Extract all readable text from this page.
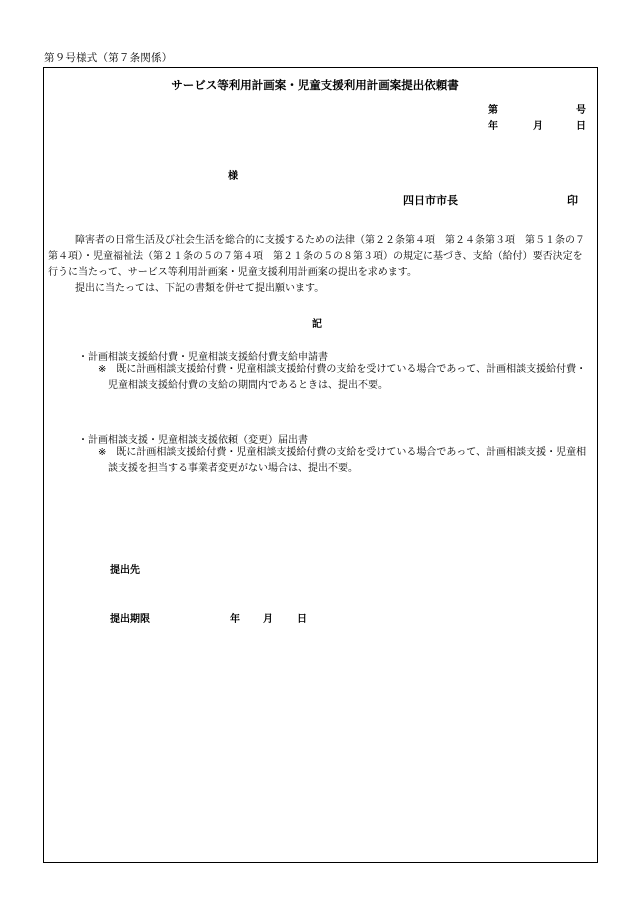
第９号様式（第７条関係）
サービス等利用計画案・児童支援利用計画案提出依頼書
第	号
年	月	日
様
四日市市長	印
障害者の日常生活及び社会生活を総合的に支援するための法律（第２２条第４項　第２４条第３項　第５１条の７第４項）・児童福祉法（第２１条の５の７第４項　第２１条の５の８第３項）の規定に基づき、支給（給付）要否決定を行うに当たって、サービス等利用計画案・児童支援利用計画案の提出を求めます。
提出に当たっては、下記の書類を併せて提出願います。
記
・計画相談支援給付費・児童相談支援給付費支給申請書
※　既に計画相談支援給付費・児童相談支援給付費の支給を受けている場合であって、計画相談支援給付費・児童相談支援給付費の支給の期間内であるときは、提出不要。
・計画相談支援・児童相談支援依頼（変更）届出書
※　既に計画相談支援給付費・児童相談支援給付費の支給を受けている場合であって、計画相談支援・児童相談支援を担当する事業者変更がない場合は、提出不要。
提出先
提出期限	年 月 日
